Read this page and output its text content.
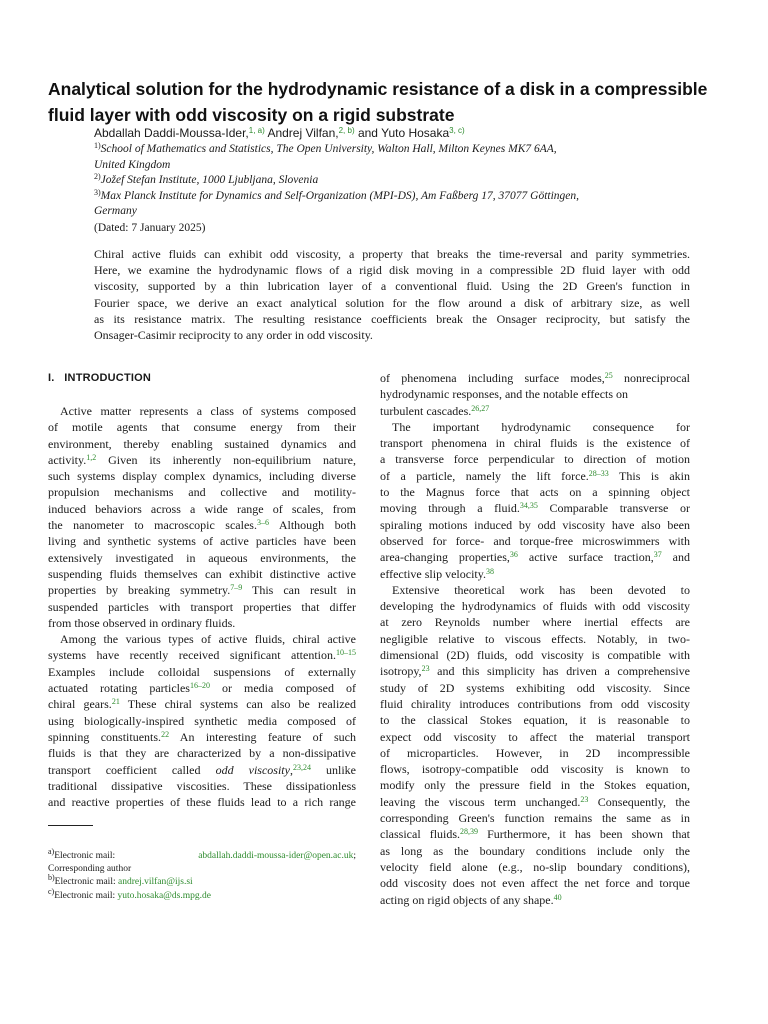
Analytical solution for the hydrodynamic resistance of a disk in a compressible
fluid layer with odd viscosity on a rigid substrate
Abdallah Daddi-Moussa-Ider,$^{1, a)}$ Andrej Vilfan,$^{2, b)}$ and Yuto Hosaka$^{3, c)}$
$^{1)}$School of Mathematics and Statistics, The Open University, Walton Hall, Milton Keynes MK7 6AA,
United Kingdom
$^{2)}$Jožef Stefan Institute, 1000 Ljubljana, Slovenia
$^{3)}$Max Planck Institute for Dynamics and Self-Organization (MPI-DS), Am Faßberg 17, 37077 Göttingen,
Germany
(Dated: 7 January 2025)
Chiral active fluids can exhibit odd viscosity, a property that breaks the time-reversal and parity symmetries.
Here, we examine the hydrodynamic flows of a rigid disk moving in a compressible 2D fluid layer with odd
viscosity, supported by a thin lubrication layer of a conventional fluid. Using the 2D Green's function in
Fourier space, we derive an exact analytical solution for the flow around a disk of arbitrary size, as well
as its resistance matrix. The resulting resistance coefficients break the Onsager reciprocity, but satisfy the
Onsager-Casimir reciprocity to any order in odd viscosity.
I. INTRODUCTION
Active matter represents a class of systems composed
of motile agents that consume energy from their
environment, thereby enabling sustained dynamics and
activity.$^{1,2}$ Given its inherently non-equilibrium nature,
such systems display complex dynamics, including diverse
propulsion mechanisms and collective and motility-
induced behaviors across a wide range of scales, from
the nanometer to macroscopic scales.$^{3-6}$ Although both
living and synthetic systems of active particles have been
extensively investigated in aqueous environments, the
suspending fluids themselves can exhibit distinctive active
properties by breaking symmetry.$^{7-9}$ This can result in
suspended particles with transport properties that differ
from those observed in ordinary fluids.
Among the various types of active fluids, chiral active
systems have recently received significant attention.$^{10-15}$
Examples include colloidal suspensions of externally
actuated rotating particles$^{16-20}$ or media composed of
chiral gears.$^{21}$ These chiral systems can also be realized
using biologically-inspired synthetic media composed of
spinning constituents.$^{22}$ An interesting feature of such
fluids is that they are characterized by a non-dissipative
transport coefficient called odd viscosity,$^{23,24}$ unlike
traditional dissipative viscosities. These dissipationless
and reactive properties of these fluids lead to a rich range
of phenomena including surface modes,$^{25}$ nonreciprocal
hydrodynamic responses, and the notable effects on
turbulent cascades.$^{26,27}$
The important hydrodynamic consequence for
transport phenomena in chiral fluids is the existence of
a transverse force perpendicular to direction of motion
of a particle, namely the lift force.$^{28-33}$ This is akin
to the Magnus force that acts on a spinning object
moving through a fluid.$^{34,35}$ Comparable transverse or
spiraling motions induced by odd viscosity have also been
observed for force- and torque-free microswimmers with
area-changing properties,$^{36}$ active surface traction,$^{37}$ and
effective slip velocity.$^{38}$
Extensive theoretical work has been devoted to
developing the hydrodynamics of fluids with odd viscosity
at zero Reynolds number where inertial effects are
negligible relative to viscous effects. Notably, in two-
dimensional (2D) fluids, odd viscosity is compatible with
isotropy,$^{23}$ and this simplicity has driven a comprehensive
study of 2D systems exhibiting odd viscosity. Since
fluid chirality introduces contributions from odd viscosity
to the classical Stokes equation, it is reasonable to
expect odd viscosity to affect the material transport
of microparticles. However, in 2D incompressible
flows, isotropy-compatible odd viscosity is known to
modify only the pressure field in the Stokes equation,
leaving the viscous term unchanged.$^{23}$ Consequently, the
corresponding Green's function remains the same as in
classical fluids.$^{28,39}$ Furthermore, it has been shown that
as long as the boundary conditions include only the
velocity field alone (e.g., no-slip boundary conditions),
odd viscosity does not even affect the net force and torque
acting on rigid objects of any shape.$^{40}$
$^{a)}$Electronic mail:	abdallah.daddi-moussa-ider@open.ac.uk;
Corresponding author
$^{b)}$Electronic mail: andrej.vilfan@ijs.si
$^{c)}$Electronic mail: yuto.hosaka@ds.mpg.de
